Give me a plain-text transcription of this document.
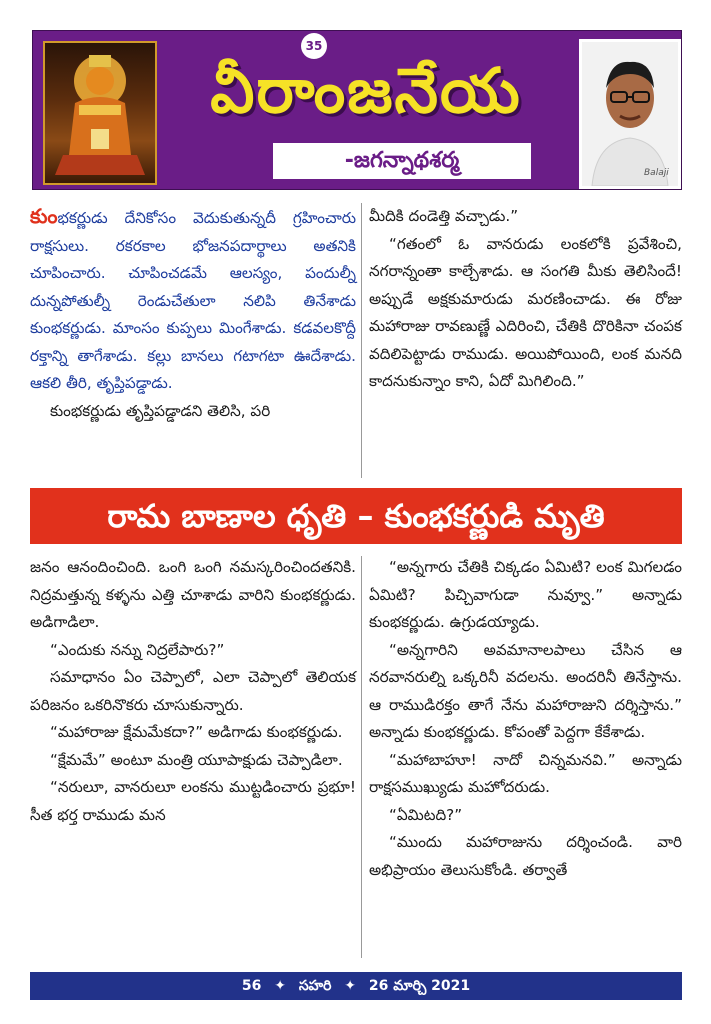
35
వీరాంజనేయ
-జగన్నాథశర్మ	Balaji

కుంభకర్ణుడు దేనికోసం వెదుకుతున్నదీ గ్రహించారు రాక్షసులు. రకరకాల భోజనపదార్థాలు అతనికి చూపించారు. చూపించడమే ఆలస్యం, పందుల్నీ దున్నపోతుల్నీ రెండుచేతులా నలిపి తినేశాడు కుంభకర్ణుడు. మాంసం కుప్పలు మింగేశాడు. కడవలకొద్దీ రక్తాన్ని తాగేశాడు. కల్లు బానలు గటాగటా ఊదేశాడు. ఆకలి తీరి, తృప్తిపడ్డాడు.

కుంభకర్ణుడు తృప్తిపడ్డాడని తెలిసి, పరి

మీదికి దండెత్తి వచ్చాడు.”

“గతంలో ఓ వానరుడు లంకలోకి ప్రవేశించి, నగరాన్నంతా కాల్చేశాడు. ఆ సంగతి మీకు తెలిసిందే! అప్పుడే అక్షకుమారుడు మరణించాడు. ఈ రోజు మహారాజు రావణుణ్ణే ఎదిరించి, చేతికి దొరికినా చంపక వదిలిపెట్టాడు రాముడు. అయిపోయింది, లంక మనది కాదనుకున్నాం కాని, ఏదో మిగిలింది.”

రామ బాణాల ధృతి – కుంభకర్ణుడి మృతి

జనం ఆనందించింది. ఒంగి ఒంగి నమస్కరించిందతనికి. నిద్రమత్తున్న కళ్ళను ఎత్తి చూశాడు వారిని కుంభకర్ణుడు. అడిగాడిలా.

“ఎందుకు నన్ను నిద్రలేపారు?”

సమాధానం ఏం చెప్పాలో, ఎలా చెప్పాలో తెలియక పరిజనం ఒకరినొకరు చూసుకున్నారు.

“మహారాజు క్షేమమేకదా?” అడిగాడు కుంభకర్ణుడు.

“క్షేమమే” అంటూ మంత్రి యూపాక్షుడు చెప్పాడిలా.

“నరులూ, వానరులూ లంకను ముట్టడించారు ప్రభూ! సీత భర్త రాముడు మన

“అన్నగారు చేతికి చిక్కడం ఏమిటి? లంక మిగలడం ఏమిటి? పిచ్చివాగుడా నువ్వూ.” అన్నాడు కుంభకర్ణుడు. ఉగ్రుడయ్యాడు.

“అన్నగారిని అవమానాలపాలు చేసిన ఆ నరవానరుల్ని ఒక్కరినీ వదలను. అందరినీ తినేస్తాను. ఆ రాముడిరక్తం తాగే నేను మహారాజుని దర్శిస్తాను.” అన్నాడు కుంభకర్ణుడు. కోపంతో పెద్దగా కేకేశాడు.

“మహాబాహూ! నాదో చిన్నమనవి.” అన్నాడు రాక్షసముఖ్యుడు మహోదరుడు.

“ఏమిటది?”

“ముందు మహారాజును దర్శించండి. వారి అభిప్రాయం తెలుసుకోండి. తర్వాతే

56 ✦ సహరి ✦ 26 మార్చి 2021
